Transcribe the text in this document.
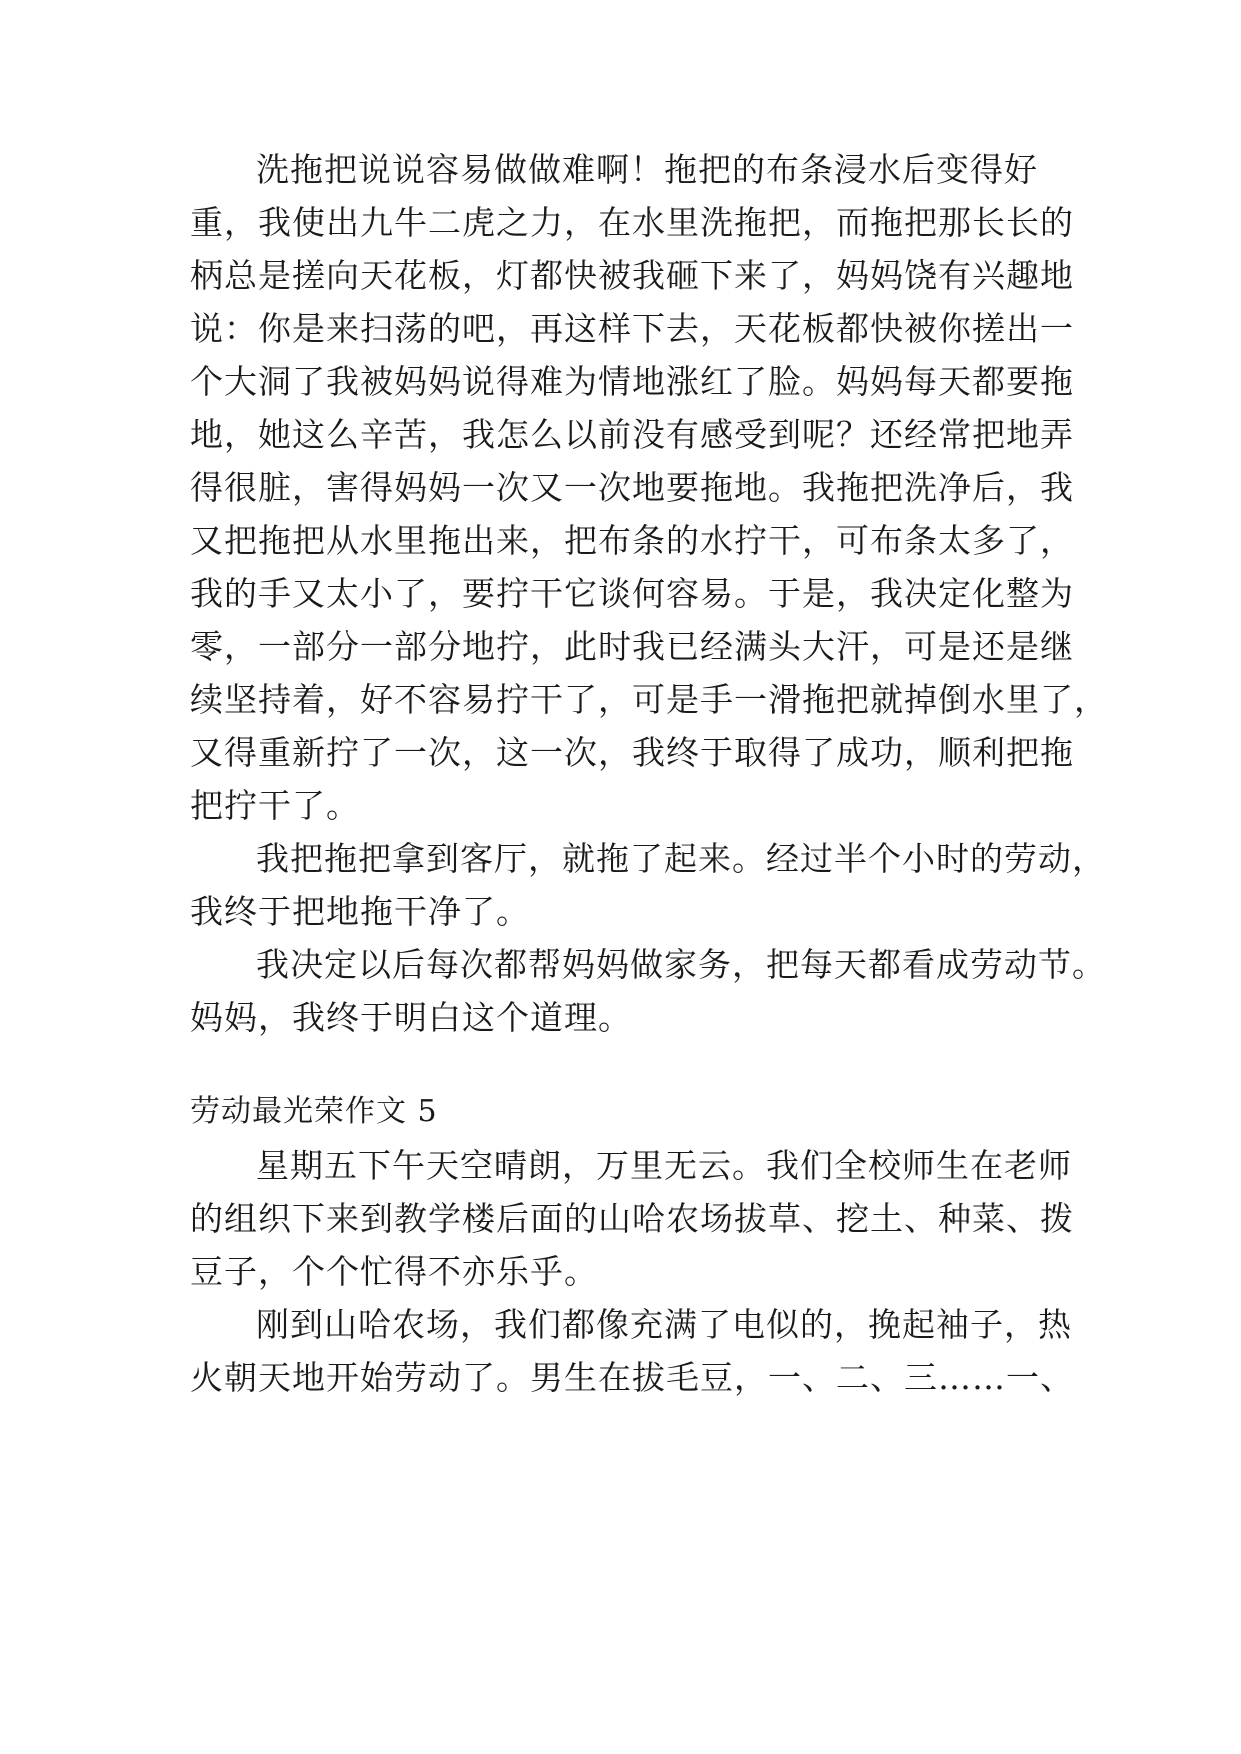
洗拖把说说容易做做难啊！拖把的布条浸水后变得好

重，我使出九牛二虎之力，在水里洗拖把，而拖把那长长的

柄总是搓向天花板，灯都快被我砸下来了，妈妈饶有兴趣地

说：你是来扫荡的吧，再这样下去，天花板都快被你搓出一

个大洞了我被妈妈说得难为情地涨红了脸。妈妈每天都要拖

地，她这么辛苦，我怎么以前没有感受到呢？还经常把地弄

得很脏，害得妈妈一次又一次地要拖地。我拖把洗净后，我

又把拖把从水里拖出来，把布条的水拧干，可布条太多了，

我的手又太小了，要拧干它谈何容易。于是，我决定化整为

零，一部分一部分地拧，此时我已经满头大汗，可是还是继

续坚持着，好不容易拧干了，可是手一滑拖把就掉倒水里了，

又得重新拧了一次，这一次，我终于取得了成功，顺利把拖

把拧干了。

我把拖把拿到客厅，就拖了起来。经过半个小时的劳动，

我终于把地拖干净了。

我决定以后每次都帮妈妈做家务，把每天都看成劳动节。

妈妈，我终于明白这个道理。

劳动最光荣作文 5

星期五下午天空晴朗，万里无云。我们全校师生在老师

的组织下来到教学楼后面的山哈农场拔草、挖土、种菜、拨

豆子，个个忙得不亦乐乎。

刚到山哈农场，我们都像充满了电似的，挽起袖子，热

火朝天地开始劳动了。男生在拔毛豆，一、二、三……一、
